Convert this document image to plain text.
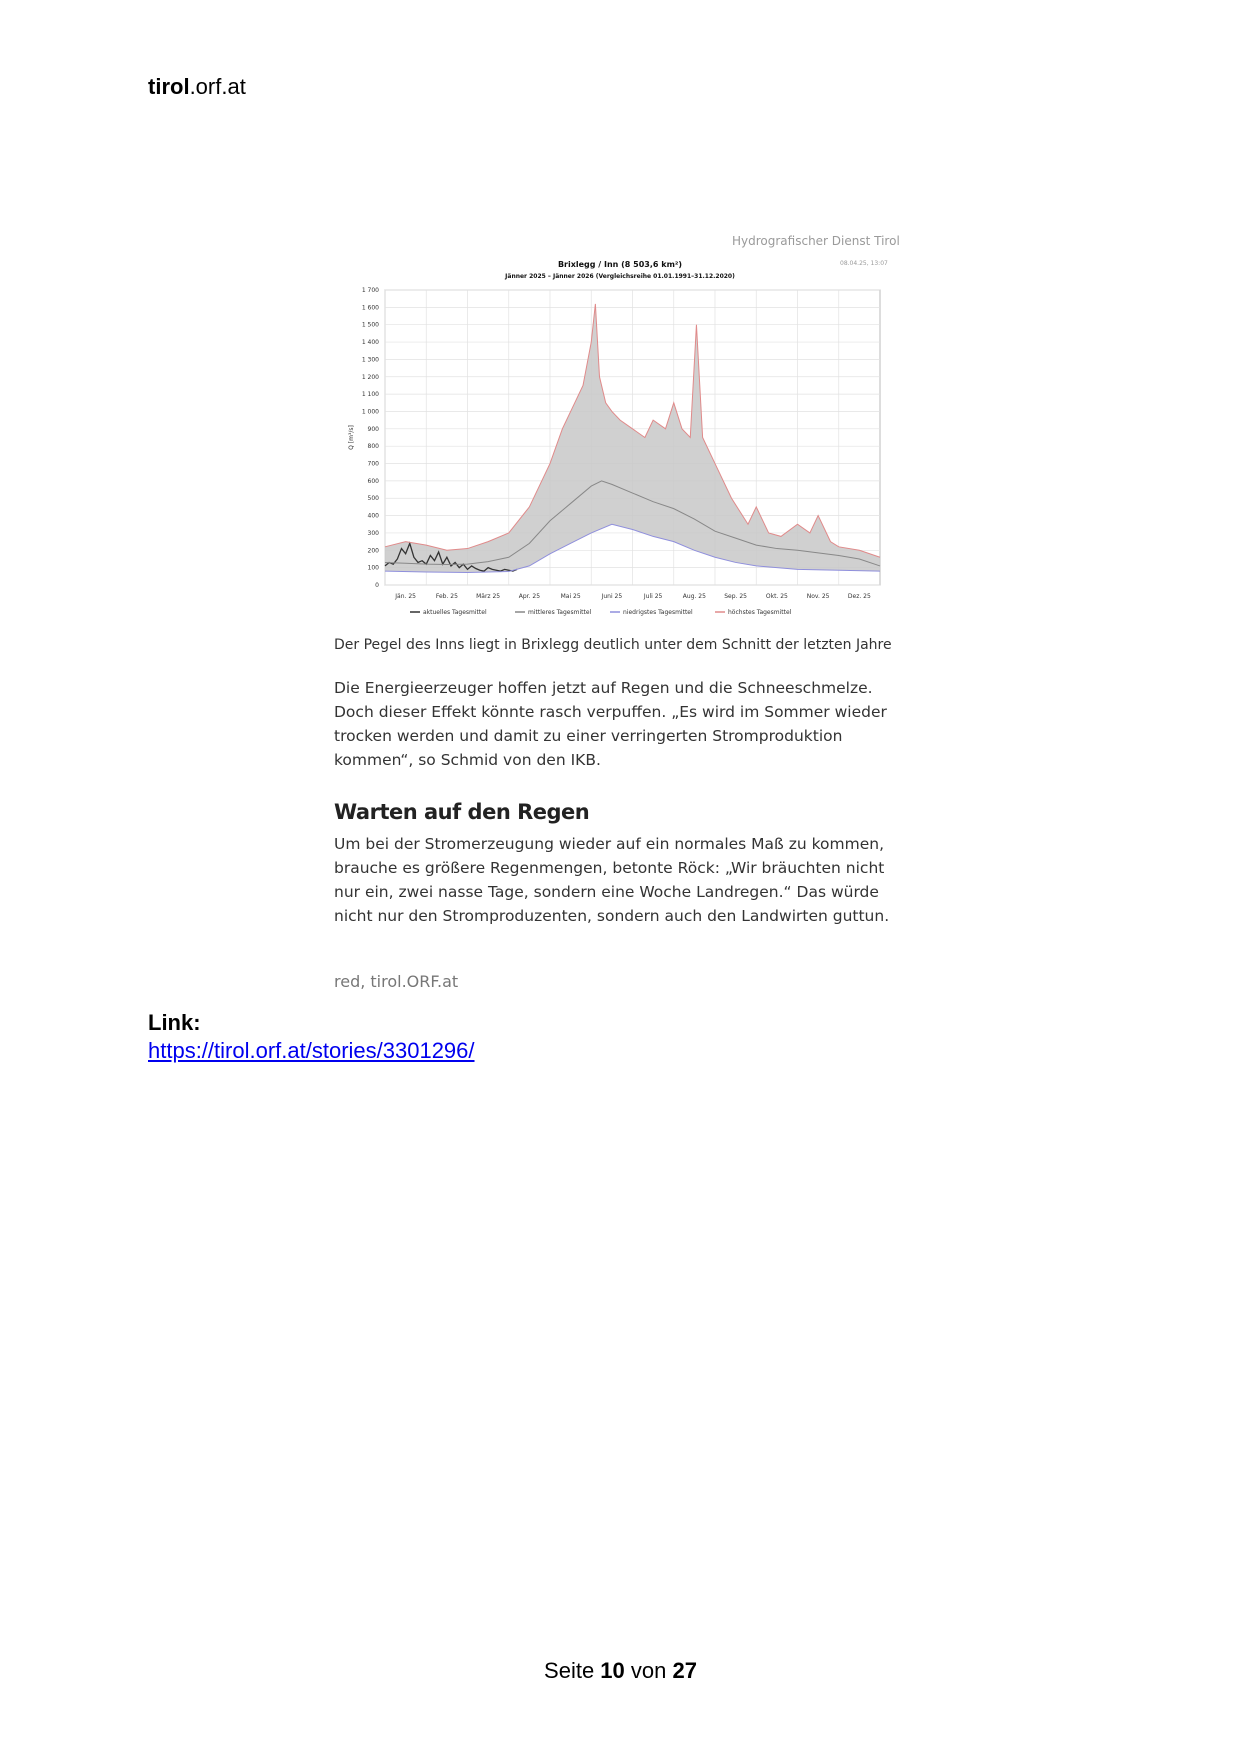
tirol.orf.at
Hydrografischer Dienst Tirol
Brixlegg / Inn (8 503,6 km²)
Jänner 2025 – Jänner 2026 (Vergleichsreihe 01.01.1991–31.12.2020)
08.04.25, 13:07
0
100
200
300
400
500
600
700
800
900
1 000
1 100
1 200
1 300
1 400
1 500
1 600
1 700
Jän. 25	Feb. 25	März 25	Apr. 25	Mai 25	Juni 25	Juli 25	Aug. 25	Sep. 25	Okt. 25	Nov. 25	Dez. 25
Q [m³/s]
aktuelles Tagesmittel	mittleres Tagesmittel	niedrigstes Tagesmittel	höchstes Tagesmittel
Der Pegel des Inns liegt in Brixlegg deutlich unter dem Schnitt der letzten Jahre

Die Energieerzeuger hoffen jetzt auf Regen und die Schneeschmelze. Doch dieser Effekt könnte rasch verpuffen. „Es wird im Sommer wieder trocken werden und damit zu einer verringerten Stromproduktion kommen“, so Schmid von den IKB.

Warten auf den Regen

Um bei der Stromerzeugung wieder auf ein normales Maß zu kommen, brauche es größere Regenmengen, betonte Röck: „Wir bräuchten nicht nur ein, zwei nasse Tage, sondern eine Woche Landregen.“ Das würde nicht nur den Stromproduzenten, sondern auch den Landwirten guttun.

red, tirol.ORF.at
Link:
https://tirol.orf.at/stories/3301296/
Seite 10 von 27
